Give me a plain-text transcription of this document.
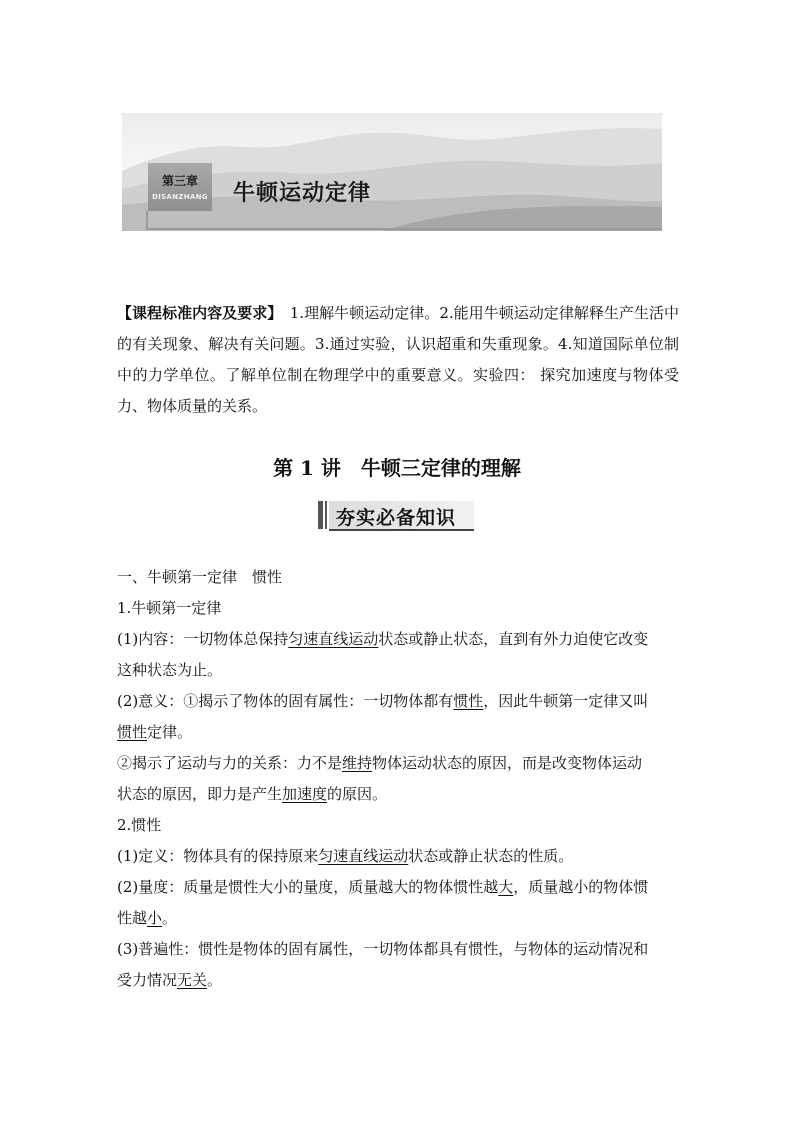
第三章
DISANZHANG 牛顿运动定律

【课程标准内容及要求】　1.理解牛顿运动定律。2.能用牛顿运动定律解释生产生活中的有关现象、解决有关问题。3.通过实验，认识超重和失重现象。4.知道国际单位制中的力学单位。了解单位制在物理学中的重要意义。实验四： 探究加速度与物体受力、物体质量的关系。

第 1 讲　牛顿三定律的理解
夯实必备知识
一、牛顿第一定律　惯性
1.牛顿第一定律
(1)内容：一切物体总保持匀速直线运动状态或静止状态，直到有外力迫使它改变
这种状态为止。
(2)意义：①揭示了物体的固有属性：一切物体都有惯性，因此牛顿第一定律又叫
惯性定律。
②揭示了运动与力的关系：力不是维持物体运动状态的原因，而是改变物体运动
状态的原因，即力是产生加速度的原因。
2.惯性
(1)定义：物体具有的保持原来匀速直线运动状态或静止状态的性质。
(2)量度：质量是惯性大小的量度，质量越大的物体惯性越大，质量越小的物体惯
性越小。
(3)普遍性：惯性是物体的固有属性，一切物体都具有惯性，与物体的运动情况和
受力情况无关。
